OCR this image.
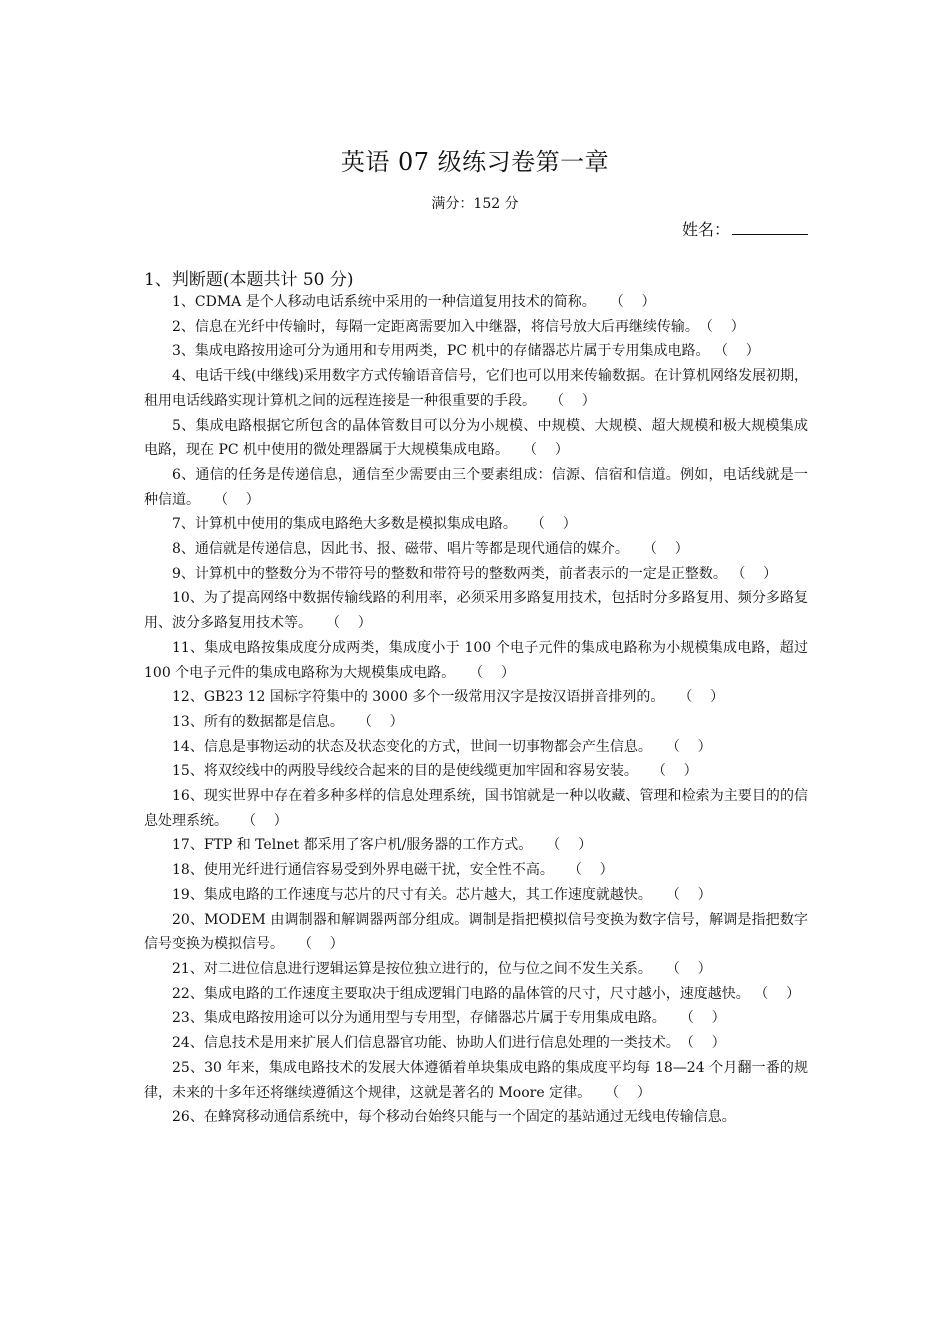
英语 07 级练习卷第一章
满分：152 分
姓名：
1、判断题(本题共计 50 分)

1、CDMA 是个人移动电话系统中采用的一种信道复用技术的简称。　　 （    ）

2、信息在光纤中传输时，每隔一定距离需要加入中继器，将信号放大后再继续传输。　 （    ）

3、集成电路按用途可分为通用和专用两类，PC 机中的存储器芯片属于专用集成电路。 （    ）

4、电话干线(中继线)采用数字方式传输语音信号，它们也可以用来传输数据。在计算机网络发展初期，租用电话线路实现计算机之间的远程连接是一种很重要的手段。　　 （    ）

5、集成电路根据它所包含的晶体管数目可以分为小规模、中规模、大规模、超大规模和极大规模集成电路，现在 PC 机中使用的微处理器属于大规模集成电路。　　 （    ）

6、通信的任务是传递信息，通信至少需要由三个要素组成：信源、信宿和信道。例如，电话线就是一种信道。　　 （    ）

7、计算机中使用的集成电路绝大多数是模拟集成电路。　　 （    ）

8、通信就是传递信息，因此书、报、磁带、唱片等都是现代通信的媒介。　　 （    ）

9、计算机中的整数分为不带符号的整数和带符号的整数两类，前者表示的一定是正整数。 （    ）

10、为了提高网络中数据传输线路的利用率，必须采用多路复用技术，包括时分多路复用、频分多路复用、波分多路复用技术等。　　 （    ）

11、集成电路按集成度分成两类，集成度小于 100 个电子元件的集成电路称为小规模集成电路，超过 100 个电子元件的集成电路称为大规模集成电路。　　 （    ）

12、GB23 12 国标字符集中的 3000 多个一级常用汉字是按汉语拼音排列的。　　 （    ）

13、所有的数据都是信息。　　 （    ）

14、信息是事物运动的状态及状态变化的方式，世间一切事物都会产生信息。　　 （    ）

15、将双绞线中的两股导线绞合起来的目的是使线缆更加牢固和容易安装。　　 （    ）

16、现实世界中存在着多种多样的信息处理系统，国书馆就是一种以收藏、管理和检索为主要目的的信息处理系统。　　 （    ）

17、FTP 和 Telnet 都采用了客户机/服务器的工作方式。　　 （    ）

18、使用光纤进行通信容易受到外界电磁干扰，安全性不高。　　 （    ）

19、集成电路的工作速度与芯片的尺寸有关。芯片越大，其工作速度就越快。　　 （    ）

20、MODEM 由调制器和解调器两部分组成。调制是指把模拟信号变换为数字信号，解调是指把数字信号变换为模拟信号。　　 （    ）

21、对二进位信息进行逻辑运算是按位独立进行的，位与位之间不发生关系。　　 （    ）

22、集成电路的工作速度主要取决于组成逻辑门电路的晶体管的尺寸，尺寸越小，速度越快。 （    ）

23、集成电路按用途可以分为通用型与专用型，存储器芯片属于专用集成电路。　　 （    ）

24、信息技术是用来扩展人们信息器官功能、协助人们进行信息处理的一类技术。　 （    ）

25、30 年来，集成电路技术的发展大体遵循着单块集成电路的集成度平均每 18—24 个月翻一番的规律，未来的十多年还将继续遵循这个规律，这就是著名的 Moore 定律。　　 （    ）

26、在蜂窝移动通信系统中，每个移动台始终只能与一个固定的基站通过无线电传输信息。
